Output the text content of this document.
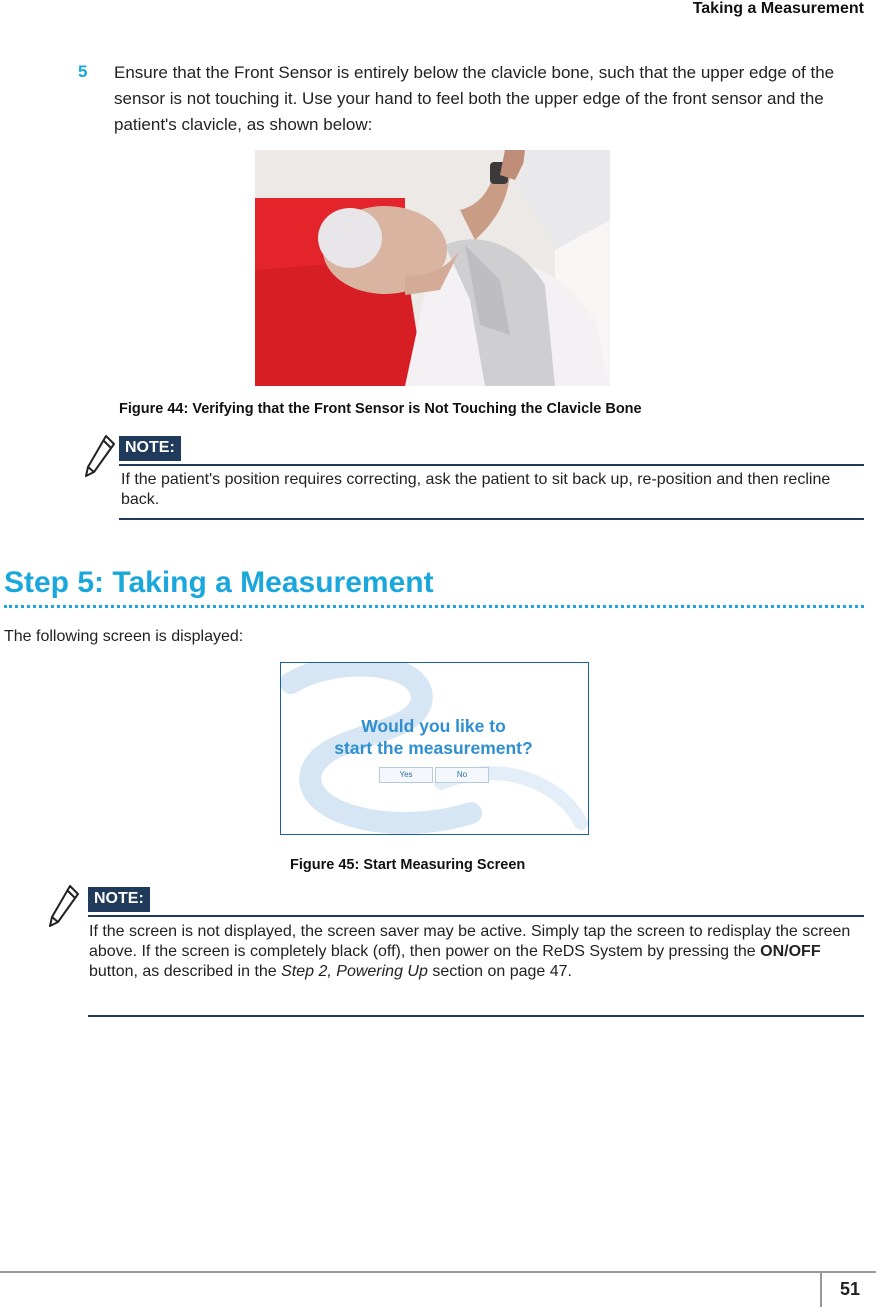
Taking a Measurement
5 Ensure that the Front Sensor is entirely below the clavicle bone, such that the upper edge of the sensor is not touching it. Use your hand to feel both the upper edge of the front sensor and the patient's clavicle, as shown below:
Figure 44: Verifying that the Front Sensor is Not Touching the Clavicle Bone
NOTE:
If the patient's position requires correcting, ask the patient to sit back up, re-position and then recline back.
Step 5: Taking a Measurement
The following screen is displayed:
Would you like to
start the measurement?
Yes	No
Figure 45: Start Measuring Screen
NOTE:
If the screen is not displayed, the screen saver may be active. Simply tap the screen to redisplay the screen above. If the screen is completely black (off), then power on the ReDS System by pressing the ON/OFF button, as described in the Step 2, Powering Up section on page 47.
51
